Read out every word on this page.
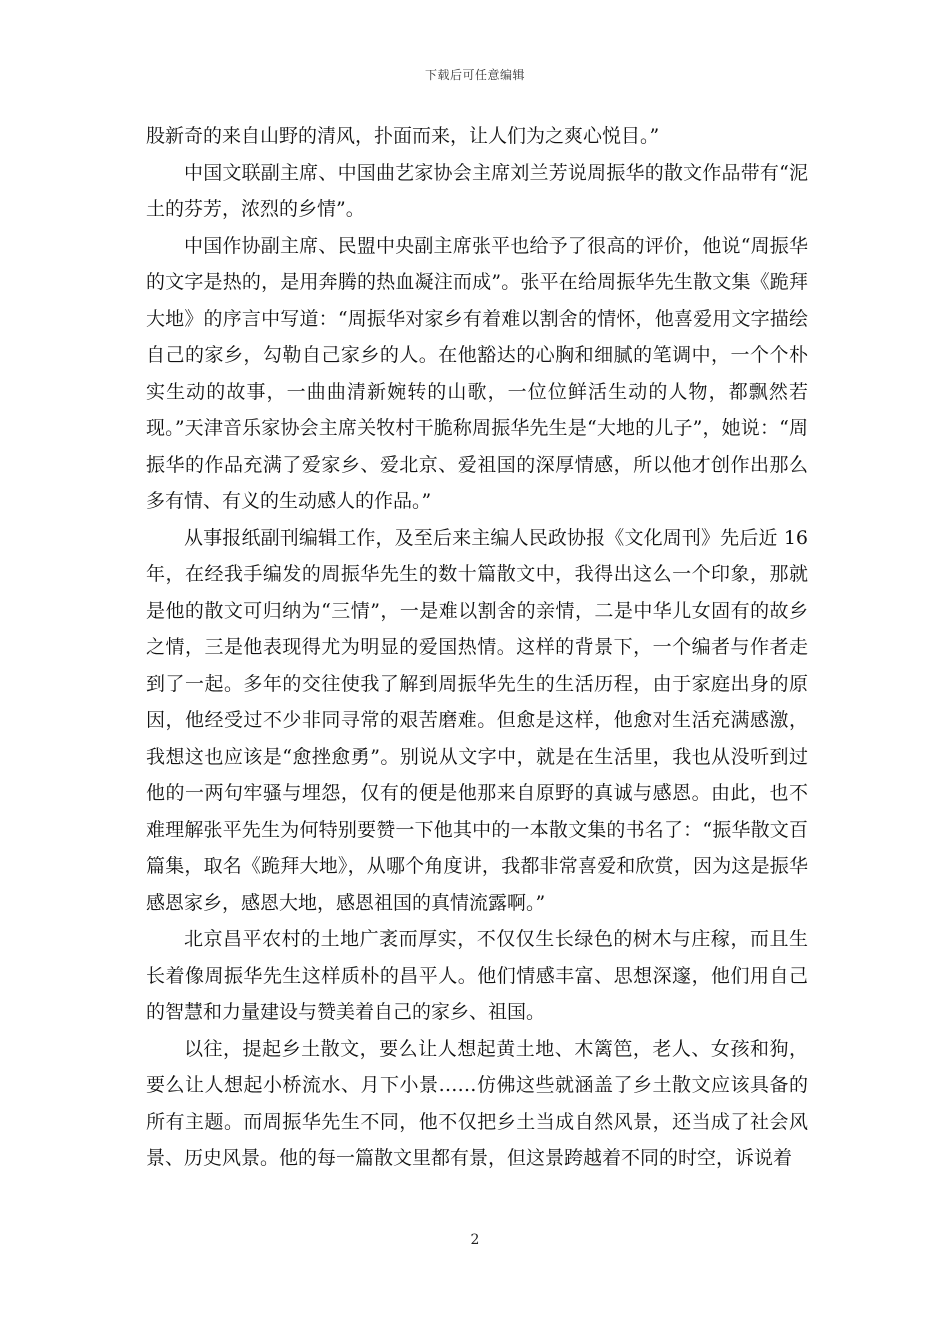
下载后可任意编辑

股新奇的来自山野的清风，扑面而来，让人们为之爽心悦目。”

中国文联副主席、中国曲艺家协会主席刘兰芳说周振华的散文作品带有“泥土的芬芳，浓烈的乡情”。

中国作协副主席、民盟中央副主席张平也给予了很高的评价，他说“周振华的文字是热的，是用奔腾的热血凝注而成”。张平在给周振华先生散文集《跪拜大地》的序言中写道：“周振华对家乡有着难以割舍的情怀，他喜爱用文字描绘自己的家乡，勾勒自己家乡的人。在他豁达的心胸和细腻的笔调中，一个个朴实生动的故事，一曲曲清新婉转的山歌，一位位鲜活生动的人物，都飘然若现。”天津音乐家协会主席关牧村干脆称周振华先生是“大地的儿子”，她说：“周振华的作品充满了爱家乡、爱北京、爱祖国的深厚情感，所以他才创作出那么多有情、有义的生动感人的作品。”

从事报纸副刊编辑工作，及至后来主编人民政协报《文化周刊》先后近 16 年，在经我手编发的周振华先生的数十篇散文中，我得出这么一个印象，那就是他的散文可归纳为“三情”，一是难以割舍的亲情，二是中华儿女固有的故乡之情，三是他表现得尤为明显的爱国热情。这样的背景下，一个编者与作者走到了一起。多年的交往使我了解到周振华先生的生活历程，由于家庭出身的原因，他经受过不少非同寻常的艰苦磨难。但愈是这样，他愈对生活充满感激，我想这也应该是“愈挫愈勇”。别说从文字中，就是在生活里，我也从没听到过他的一两句牢骚与埋怨，仅有的便是他那来自原野的真诚与感恩。由此，也不难理解张平先生为何特别要赞一下他其中的一本散文集的书名了：“振华散文百篇集，取名《跪拜大地》，从哪个角度讲，我都非常喜爱和欣赏，因为这是振华感恩家乡，感恩大地，感恩祖国的真情流露啊。”

北京昌平农村的土地广袤而厚实，不仅仅生长绿色的树木与庄稼，而且生长着像周振华先生这样质朴的昌平人。他们情感丰富、思想深邃，他们用自己的智慧和力量建设与赞美着自己的家乡、祖国。

以往，提起乡土散文，要么让人想起黄土地、木篱笆，老人、女孩和狗，要么让人想起小桥流水、月下小景……仿佛这些就涵盖了乡土散文应该具备的所有主题。而周振华先生不同，他不仅把乡土当成自然风景，还当成了社会风景、历史风景。他的每一篇散文里都有景，但这景跨越着不同的时空，诉说着

2
